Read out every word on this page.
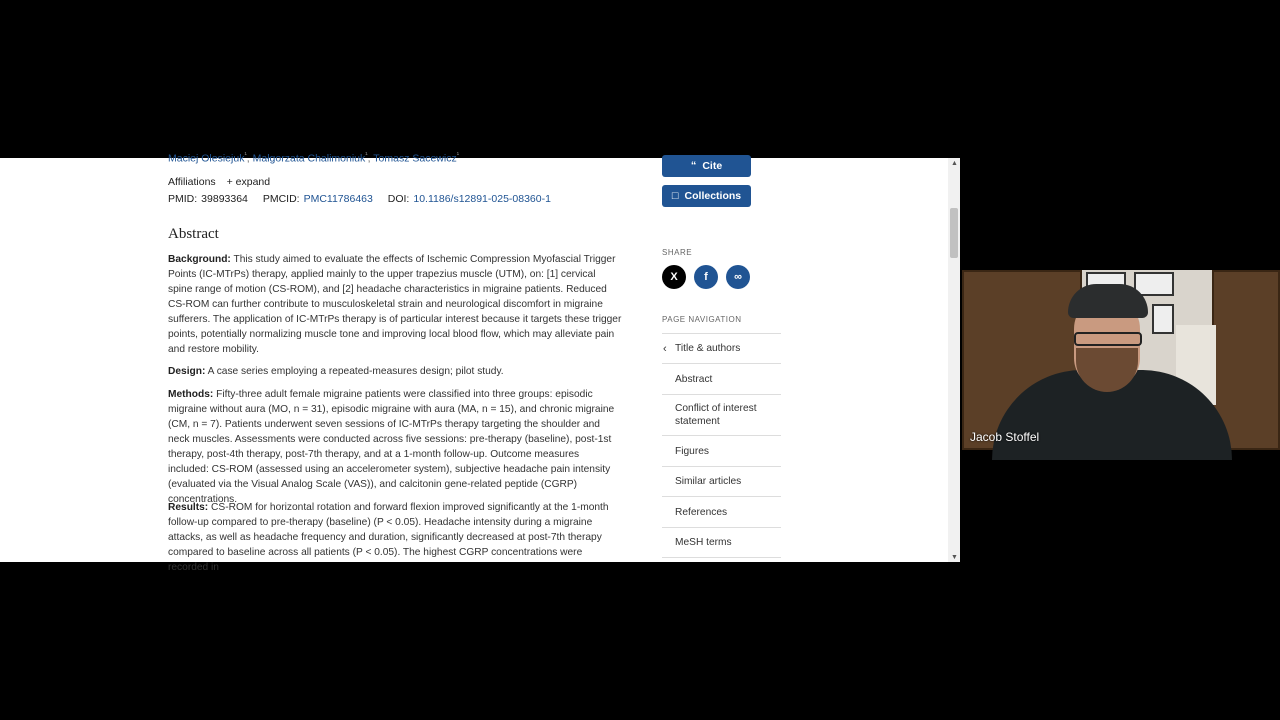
Maciej Olesiejuk$^{^1}$, Małgorzata Chalimoniuk$^{^1}$, Tomasz Sacewicz$^{^1}$
Affiliations + expand
PMID: 39893364 PMCID: PMC11786463 DOI: 10.1186/s12891-025-08360-1
Abstract

Background: This study aimed to evaluate the effects of Ischemic Compression Myofascial Trigger Points (IC-MTrPs) therapy, applied mainly to the upper trapezius muscle (UTM), on: [1] cervical spine range of motion (CS-ROM), and [2] headache characteristics in migraine patients. Reduced CS-ROM can further contribute to musculoskeletal strain and neurological discomfort in migraine sufferers. The application of IC-MTrPs therapy is of particular interest because it targets these trigger points, potentially normalizing muscle tone and improving local blood flow, which may alleviate pain and restore mobility.

Design: A case series employing a repeated-measures design; pilot study.

Methods: Fifty-three adult female migraine patients were classified into three groups: episodic migraine without aura (MO, n = 31), episodic migraine with aura (MA, n = 15), and chronic migraine (CM, n = 7). Patients underwent seven sessions of IC-MTrPs therapy targeting the shoulder and neck muscles. Assessments were conducted across five sessions: pre-therapy (baseline), post-1st therapy, post-4th therapy, post-7th therapy, and at a 1-month follow-up. Outcome measures included: CS-ROM (assessed using an accelerometer system), subjective headache pain intensity (evaluated via the Visual Analog Scale (VAS)), and calcitonin gene-related peptide (CGRP) concentrations.

Results: CS-ROM for horizontal rotation and forward flexion improved significantly at the 1-month follow-up compared to pre-therapy (baseline) (P < 0.05). Headache intensity during a migraine attacks, as well as headache frequency and duration, significantly decreased at post-7th therapy compared to baseline across all patients (P < 0.05). The highest CGRP concentrations were recorded in

“ Cite
□ Collections
SHARE
X	f	∞
PAGE NAVIGATION
‹ Title & authors
Abstract
Conflict of interest statement
Figures
Similar articles
References
MeSH terms
▲
▼
Jacob Stoffel
